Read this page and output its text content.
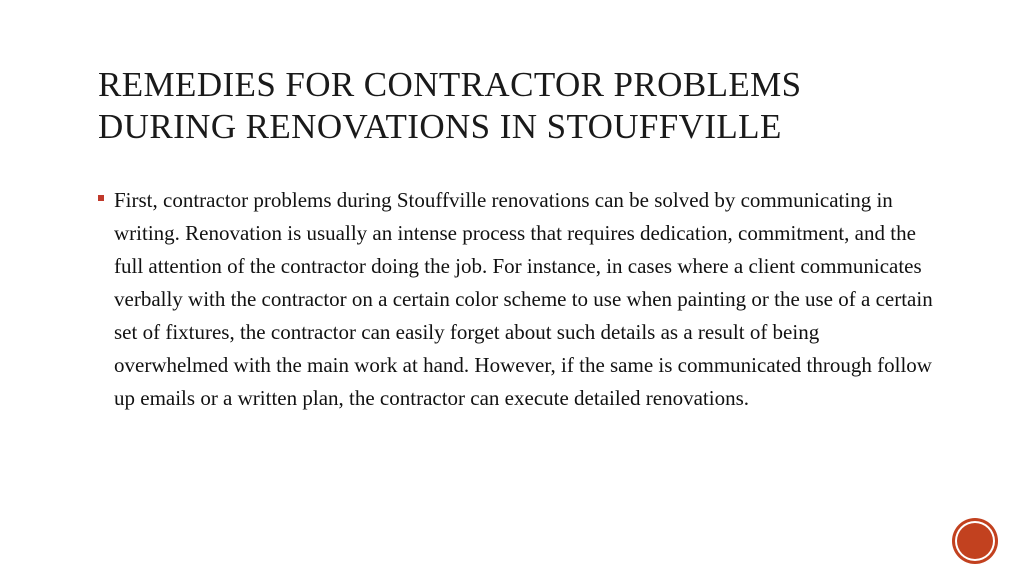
REMEDIES FOR CONTRACTOR PROBLEMS
DURING RENOVATIONS IN STOUFFVILLE

First, contractor problems during Stouffville renovations can be solved by communicating in writing. Renovation is usually an intense process that requires dedication, commitment, and the full attention of the contractor doing the job. For instance, in cases where a client communicates verbally with the contractor on a certain color scheme to use when painting or the use of a certain set of fixtures, the contractor can easily forget about such details as a result of being overwhelmed with the main work at hand. However, if the same is communicated through follow up emails or a written plan, the contractor can execute detailed renovations.
